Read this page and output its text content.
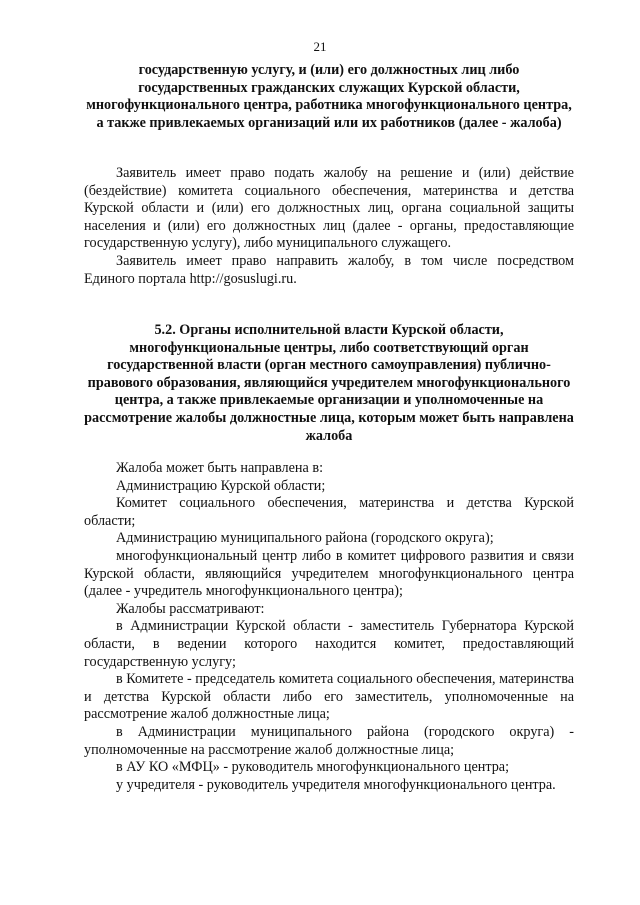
21
государственную услугу, и (или) его должностных лиц либо государственных гражданских служащих Курской области, многофункционального центра, работника многофункционального центра, а также привлекаемых организаций или их работников (далее - жалоба)

Заявитель имеет право подать жалобу на решение и (или) действие (бездействие) комитета социального обеспечения, материнства и детства Курской области и (или) его должностных лиц, органа социальной защиты населения и (или) его должностных лиц (далее - органы, предоставляющие государственную услугу), либо муниципального служащего.

Заявитель имеет право направить жалобу, в том числе посредством Единого портала http://gosuslugi.ru.

5.2. Органы исполнительной власти Курской области, многофункциональные центры, либо соответствующий орган государственной власти (орган местного самоуправления) публично-правового образования, являющийся учредителем многофункционального центра, а также привлекаемые организации и уполномоченные на рассмотрение жалобы должностные лица, которым может быть направлена жалоба

Жалоба может быть направлена в:

Администрацию Курской области;

Комитет социального обеспечения, материнства и детства Курской области;

Администрацию муниципального района (городского округа);

многофункциональный центр либо в комитет цифрового развития и связи Курской области, являющийся учредителем многофункционального центра (далее - учредитель многофункционального центра);

Жалобы рассматривают:

в Администрации Курской области - заместитель Губернатора Курской области, в ведении которого находится комитет, предоставляющий государственную услугу;

в Комитете - председатель комитета социального обеспечения, материнства и детства Курской области либо его заместитель, уполномоченные на рассмотрение жалоб должностные лица;

в Администрации муниципального района (городского округа) - уполномоченные на рассмотрение жалоб должностные лица;

в АУ КО «МФЦ» - руководитель многофункционального центра;

у учредителя - руководитель учредителя многофункционального центра.
